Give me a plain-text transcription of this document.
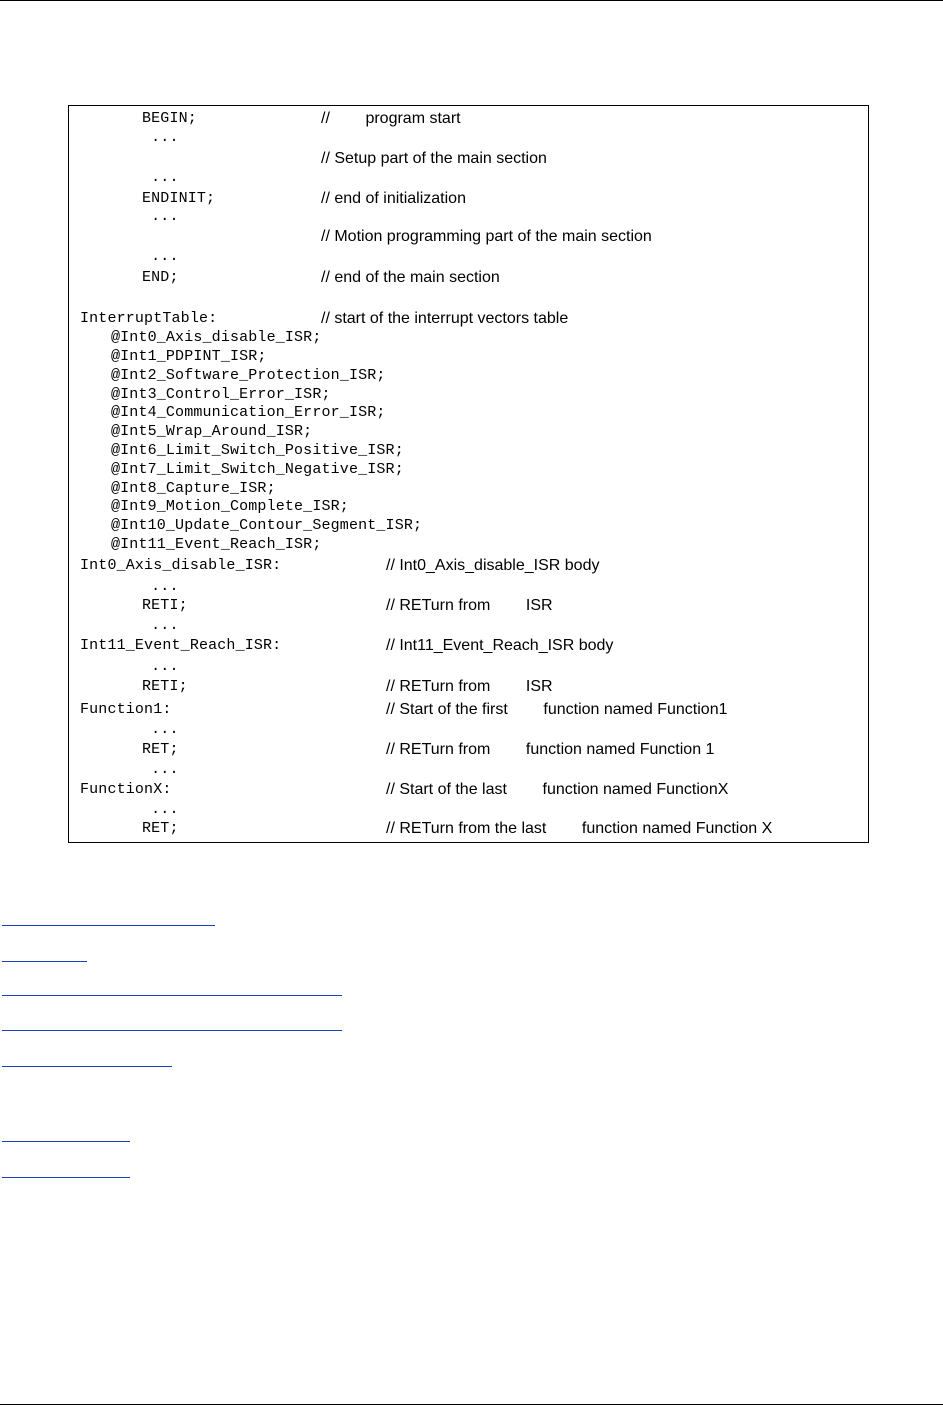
BEGIN;	//        program start
...
// Setup part of the main section
...
ENDINIT;	// end of initialization
...
// Motion programming part of the main section
...
END;	// end of the main section
InterruptTable:	// start of the interrupt vectors table
@Int0_Axis_disable_ISR;
@Int1_PDPINT_ISR;
@Int2_Software_Protection_ISR;
@Int3_Control_Error_ISR;
@Int4_Communication_Error_ISR;
@Int5_Wrap_Around_ISR;
@Int6_Limit_Switch_Positive_ISR;
@Int7_Limit_Switch_Negative_ISR;
@Int8_Capture_ISR;
@Int9_Motion_Complete_ISR;
@Int10_Update_Contour_Segment_ISR;
@Int11_Event_Reach_ISR;
Int0_Axis_disable_ISR:	// Int0_Axis_disable_ISR body
...
RETI;	// RETurn from        ISR
...
Int11_Event_Reach_ISR:	// Int11_Event_Reach_ISR body
...
RETI;	// RETurn from        ISR
Function1:	// Start of the first        function named Function1
...
RET;	// RETurn from        function named Function 1
...
FunctionX:	// Start of the last        function named FunctionX
...
RET;	// RETurn from the last        function named Function X
